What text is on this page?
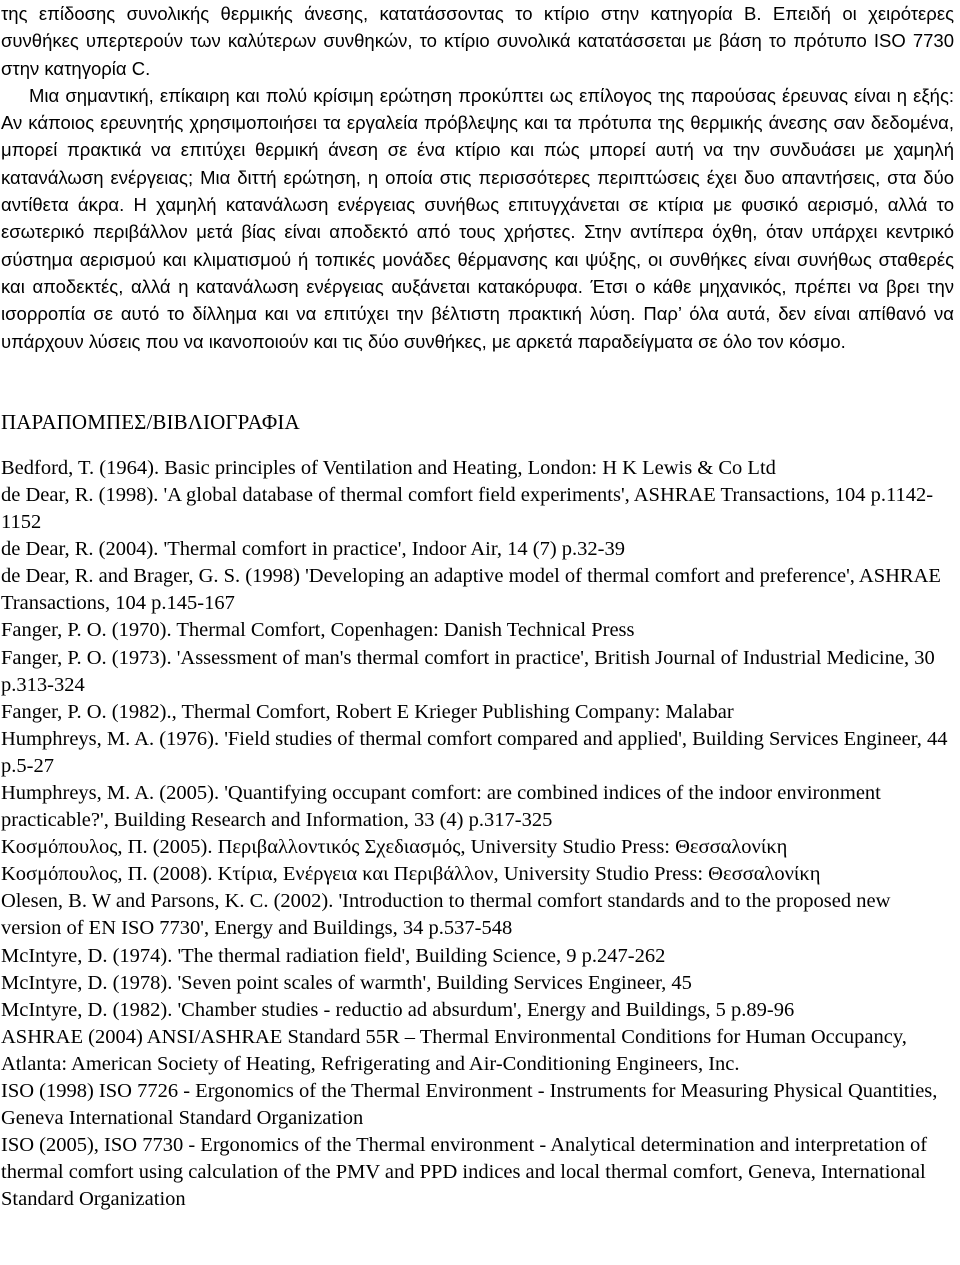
της επίδοσης συνολικής θερμικής άνεσης, κατατάσσοντας το κτίριο στην κατηγορία Β. Επειδή οι χειρότερες συνθήκες υπερτερούν των καλύτερων συνθηκών, το κτίριο συνολικά κατατάσσεται με βάση το πρότυπο ISO 7730 στην κατηγορία C.

Μια σημαντική, επίκαιρη και πολύ κρίσιμη ερώτηση προκύπτει ως επίλογος της παρούσας έρευνας είναι η εξής: Αν κάποιος ερευνητής χρησιμοποιήσει τα εργαλεία πρόβλεψης και τα πρότυπα της θερμικής άνεσης σαν δεδομένα, μπορεί πρακτικά να επιτύχει θερμική άνεση σε ένα κτίριο και πώς μπορεί αυτή να την συνδυάσει με χαμηλή κατανάλωση ενέργειας; Μια διττή ερώτηση, η οποία στις περισσότερες περιπτώσεις έχει δυο απαντήσεις, στα δύο αντίθετα άκρα. Η χαμηλή κατανάλωση ενέργειας συνήθως επιτυγχάνεται σε κτίρια με φυσικό αερισμό, αλλά το εσωτερικό περιβάλλον μετά βίας είναι αποδεκτό από τους χρήστες. Στην αντίπερα όχθη, όταν υπάρχει κεντρικό σύστημα αερισμού και κλιματισμού ή τοπικές μονάδες θέρμανσης και ψύξης, οι συνθήκες είναι συνήθως σταθερές και αποδεκτές, αλλά η κατανάλωση ενέργειας αυξάνεται κατακόρυφα. Έτσι ο κάθε μηχανικός, πρέπει να βρει την ισορροπία σε αυτό το δίλλημα και να επιτύχει την βέλτιστη πρακτική λύση. Παρ’ όλα αυτά, δεν είναι απίθανό να υπάρχουν λύσεις που να ικανοποιούν και τις δύο συνθήκες, με αρκετά παραδείγματα σε όλο τον κόσμο.

ΠΑΡΑΠΟΜΠΕΣ/ΒΙΒΛΙΟΓΡΑΦΙΑ
Bedford, T. (1964). Basic principles of Ventilation and Heating, London: H K Lewis & Co Ltd
de Dear, R. (1998). 'A global database of thermal comfort field experiments', ASHRAE Transactions, 104 p.1142-1152
de Dear, R. (2004). 'Thermal comfort in practice', Indoor Air, 14 (7) p.32-39
de Dear, R. and Brager, G. S. (1998) 'Developing an adaptive model of thermal comfort and preference', ASHRAE Transactions, 104 p.145-167
Fanger, P. O. (1970). Thermal Comfort, Copenhagen: Danish Technical Press
Fanger, P. O. (1973). 'Assessment of man's thermal comfort in practice', British Journal of Industrial Medicine, 30 p.313-324
Fanger, P. O. (1982)., Thermal Comfort, Robert E Krieger Publishing Company: Malabar
Humphreys, M. A. (1976). 'Field studies of thermal comfort compared and applied', Building Services Engineer, 44 p.5-27
Humphreys, M. A. (2005). 'Quantifying occupant comfort: are combined indices of the indoor environment practicable?', Building Research and Information, 33 (4) p.317-325
Κοσμόπουλος, Π. (2005). Περιβαλλοντικός Σχεδιασμός, University Studio Press: Θεσσαλονίκη
Κοσμόπουλος, Π. (2008). Κτίρια, Ενέργεια και Περιβάλλον, University Studio Press: Θεσσαλονίκη
Olesen, B. W and Parsons, K. C. (2002). 'Introduction to thermal comfort standards and to the proposed new version of EN ISO 7730', Energy and Buildings, 34 p.537-548
McIntyre, D. (1974). 'The thermal radiation field', Building Science, 9 p.247-262
McIntyre, D. (1978). 'Seven point scales of warmth', Building Services Engineer, 45
McIntyre, D. (1982). 'Chamber studies - reductio ad absurdum', Energy and Buildings, 5 p.89-96
ASHRAE (2004) ANSI/ASHRAE Standard 55R – Thermal Environmental Conditions for Human Occupancy, Atlanta: American Society of Heating, Refrigerating and Air-Conditioning Engineers, Inc.
ISO (1998) ISO 7726 - Ergonomics of the Thermal Environment - Instruments for Measuring Physical Quantities, Geneva International Standard Organization
ISO (2005), ISO 7730 - Ergonomics of the Thermal environment - Analytical determination and interpretation of thermal comfort using calculation of the PMV and PPD indices and local thermal comfort, Geneva, International Standard Organization
